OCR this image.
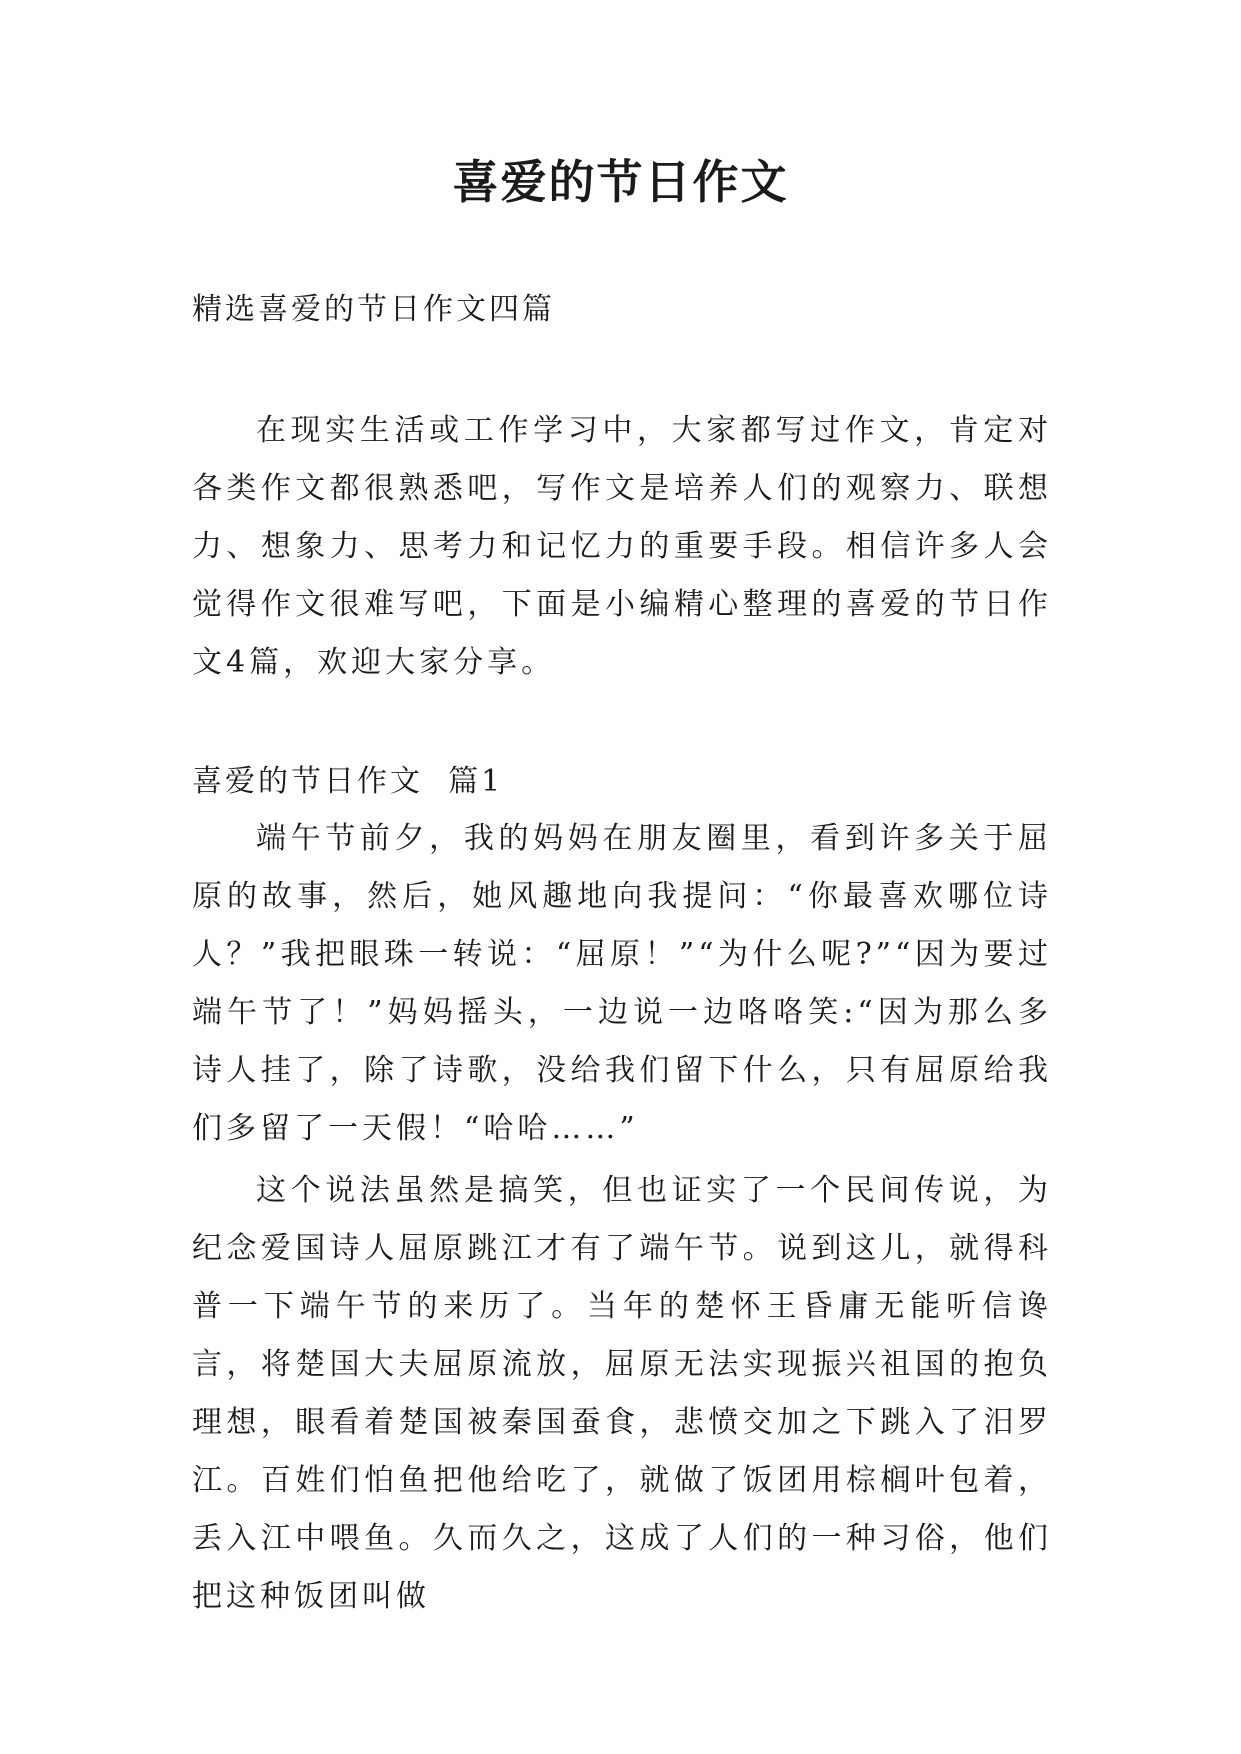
喜爱的节日作文

精选喜爱的节日作文四篇

在现实生活或工作学习中，大家都写过作文，肯定对各类作文都很熟悉吧，写作文是培养人们的观察力、联想力、想象力、思考力和记忆力的重要手段。相信许多人会觉得作文很难写吧，下面是小编精心整理的喜爱的节日作文4篇，欢迎大家分享。

喜爱的节日作文  篇1

端午节前夕，我的妈妈在朋友圈里，看到许多关于屈原的故事，然后，她风趣地向我提问：“你最喜欢哪位诗人？”我把眼珠一转说：“屈原！”“为什么呢?”“因为要过端午节了！”妈妈摇头，一边说一边咯咯笑:“因为那么多诗人挂了，除了诗歌，没给我们留下什么，只有屈原给我们多留了一天假！“哈哈……”

这个说法虽然是搞笑，但也证实了一个民间传说，为纪念爱国诗人屈原跳江才有了端午节。说到这儿，就得科普一下端午节的来历了。当年的楚怀王昏庸无能听信谗言，将楚国大夫屈原流放，屈原无法实现振兴祖国的抱负理想，眼看着楚国被秦国蚕食，悲愤交加之下跳入了汨罗江。百姓们怕鱼把他给吃了，就做了饭团用棕榈叶包着，丢入江中喂鱼。久而久之，这成了人们的一种习俗，他们把这种饭团叫做
